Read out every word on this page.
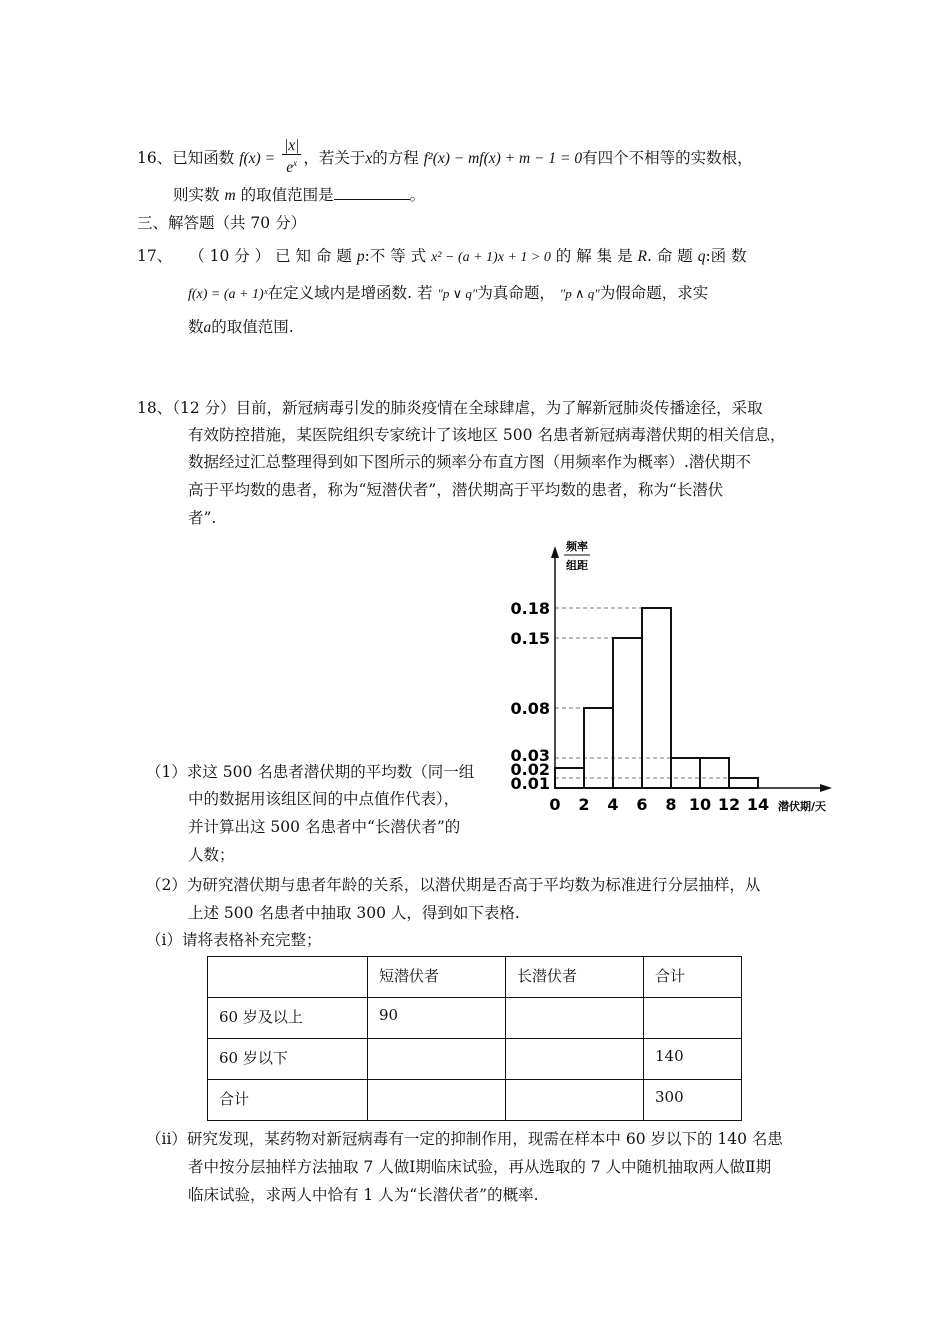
16、已知函数 $f(x) = \frac{|x|}{e^x}$ ，若关于x的方程 f²(x) − mf(x) + m − 1 = 0有四个不相等的实数根，
则实数 m 的取值范围是	。
三、解答题（共 70 分）
17、 （ 10 分 ） 已 知 命 题 p:不 等 式 x² − (a + 1)x + 1 > 0 的 解 集 是 R. 命 题 q:函 数
f(x) = (a + 1)ˣ在定义域内是增函数. 若 "p ∨ q"为真命题， "p ∧ q"为假命题，求实
数a的取值范围.
18、（12 分）目前，新冠病毒引发的肺炎疫情在全球肆虐，为了解新冠肺炎传播途径，采取
有效防控措施，某医院组织专家统计了该地区 500 名患者新冠病毒潜伏期的相关信息，
数据经过汇总整理得到如下图所示的频率分布直方图（用频率作为概率）.潜伏期不
高于平均数的患者，称为“短潜伏者”，潜伏期高于平均数的患者，称为“长潜伏
者”.
频率
组距
0.18
0.15
0.08
0.03
0.02
0.01
0 2 4 6 8 10 12 14 潜伏期/天
（1）求这 500 名患者潜伏期的平均数（同一组
中的数据用该组区间的中点值作代表），
并计算出这 500 名患者中“长潜伏者”的
人数；
（2）为研究潜伏期与患者年龄的关系，以潜伏期是否高于平均数为标准进行分层抽样，从
上述 500 名患者中抽取 300 人，得到如下表格.
（i）请将表格补充完整；
	短潜伏者	长潜伏者	合计
60 岁及以上	90		
60 岁以下			140
合计			300
（ii）研究发现，某药物对新冠病毒有一定的抑制作用，现需在样本中 60 岁以下的 140 名患
者中按分层抽样方法抽取 7 人做Ⅰ期临床试验，再从选取的 7 人中随机抽取两人做Ⅱ期
临床试验，求两人中恰有 1 人为“长潜伏者”的概率.
